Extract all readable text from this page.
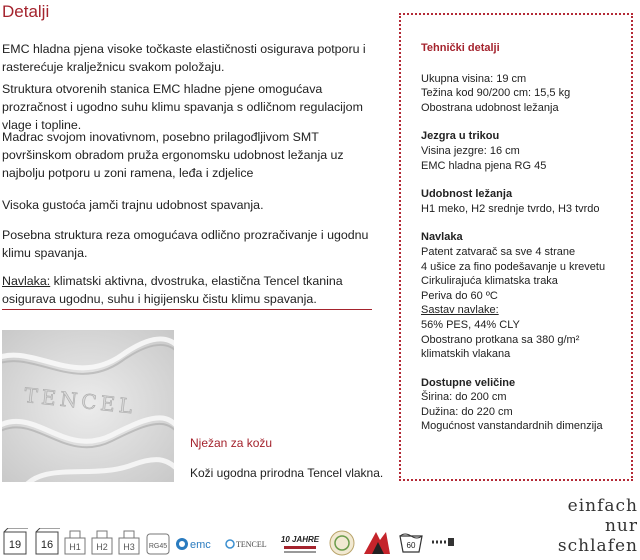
Detalji

EMC hladna pjena visoke točkaste elastičnosti osigurava potporu i rasterećuje kralježnicu svakom položaju.

Struktura otvorenih stanica EMC hladne pjene omogućava prozračnost i ugodno suhu klimu spavanja s odličnom regulacijom vlage i topline.

Madrac svojom inovativnom, posebno prilagođljivom SMT površinskom obradom pruža ergonomsku udobnost ležanja uz najbolju potporu u zoni ramena, leđa i zdjelice

Visoka gustoća jamči trajnu udobnost spavanja.

Posebna struktura reza omogućava odlično prozračivanje i ugodnu klimu spavanja.

Navlaka: klimatski aktivna, dvostruka, elastična Tencel tkanina osigurava ugodnu, suhu i higijensku čistu klimu spavanja.

TENCEL
Nježan za kožu
Koži ugodna prirodna Tencel vlakna.
Tehnički detalji
Ukupna visina: 19 cm
Težina kod 90/200 cm: 15,5 kg
Obostrana udobnost ležanja
Jezgra u trikou
Visina jezgre: 16 cm
EMC hladna pjena RG 45
Udobnost ležanja
H1 meko, H2 srednje tvrdo, H3 tvrdo
Navlaka
Patent zatvarač sa sve 4 strane
4 ušice za fino podešavanje u krevetu
Cirkulirajuća klimatska traka
Periva do 60 ºC
Sastav navlake:
56% PES, 44% CLY
Obostrano protkana sa 380 g/m²
klimatskih vlakana
Dostupne veličine
Širina: do 200 cm
Dužina: do 220 cm
Mogućnost vanstandardnih dimenzija
19 16 H1 H2 H3 RG45 emc	TENCEL
10 JAHRE
60
einfach
nur
schlafen
